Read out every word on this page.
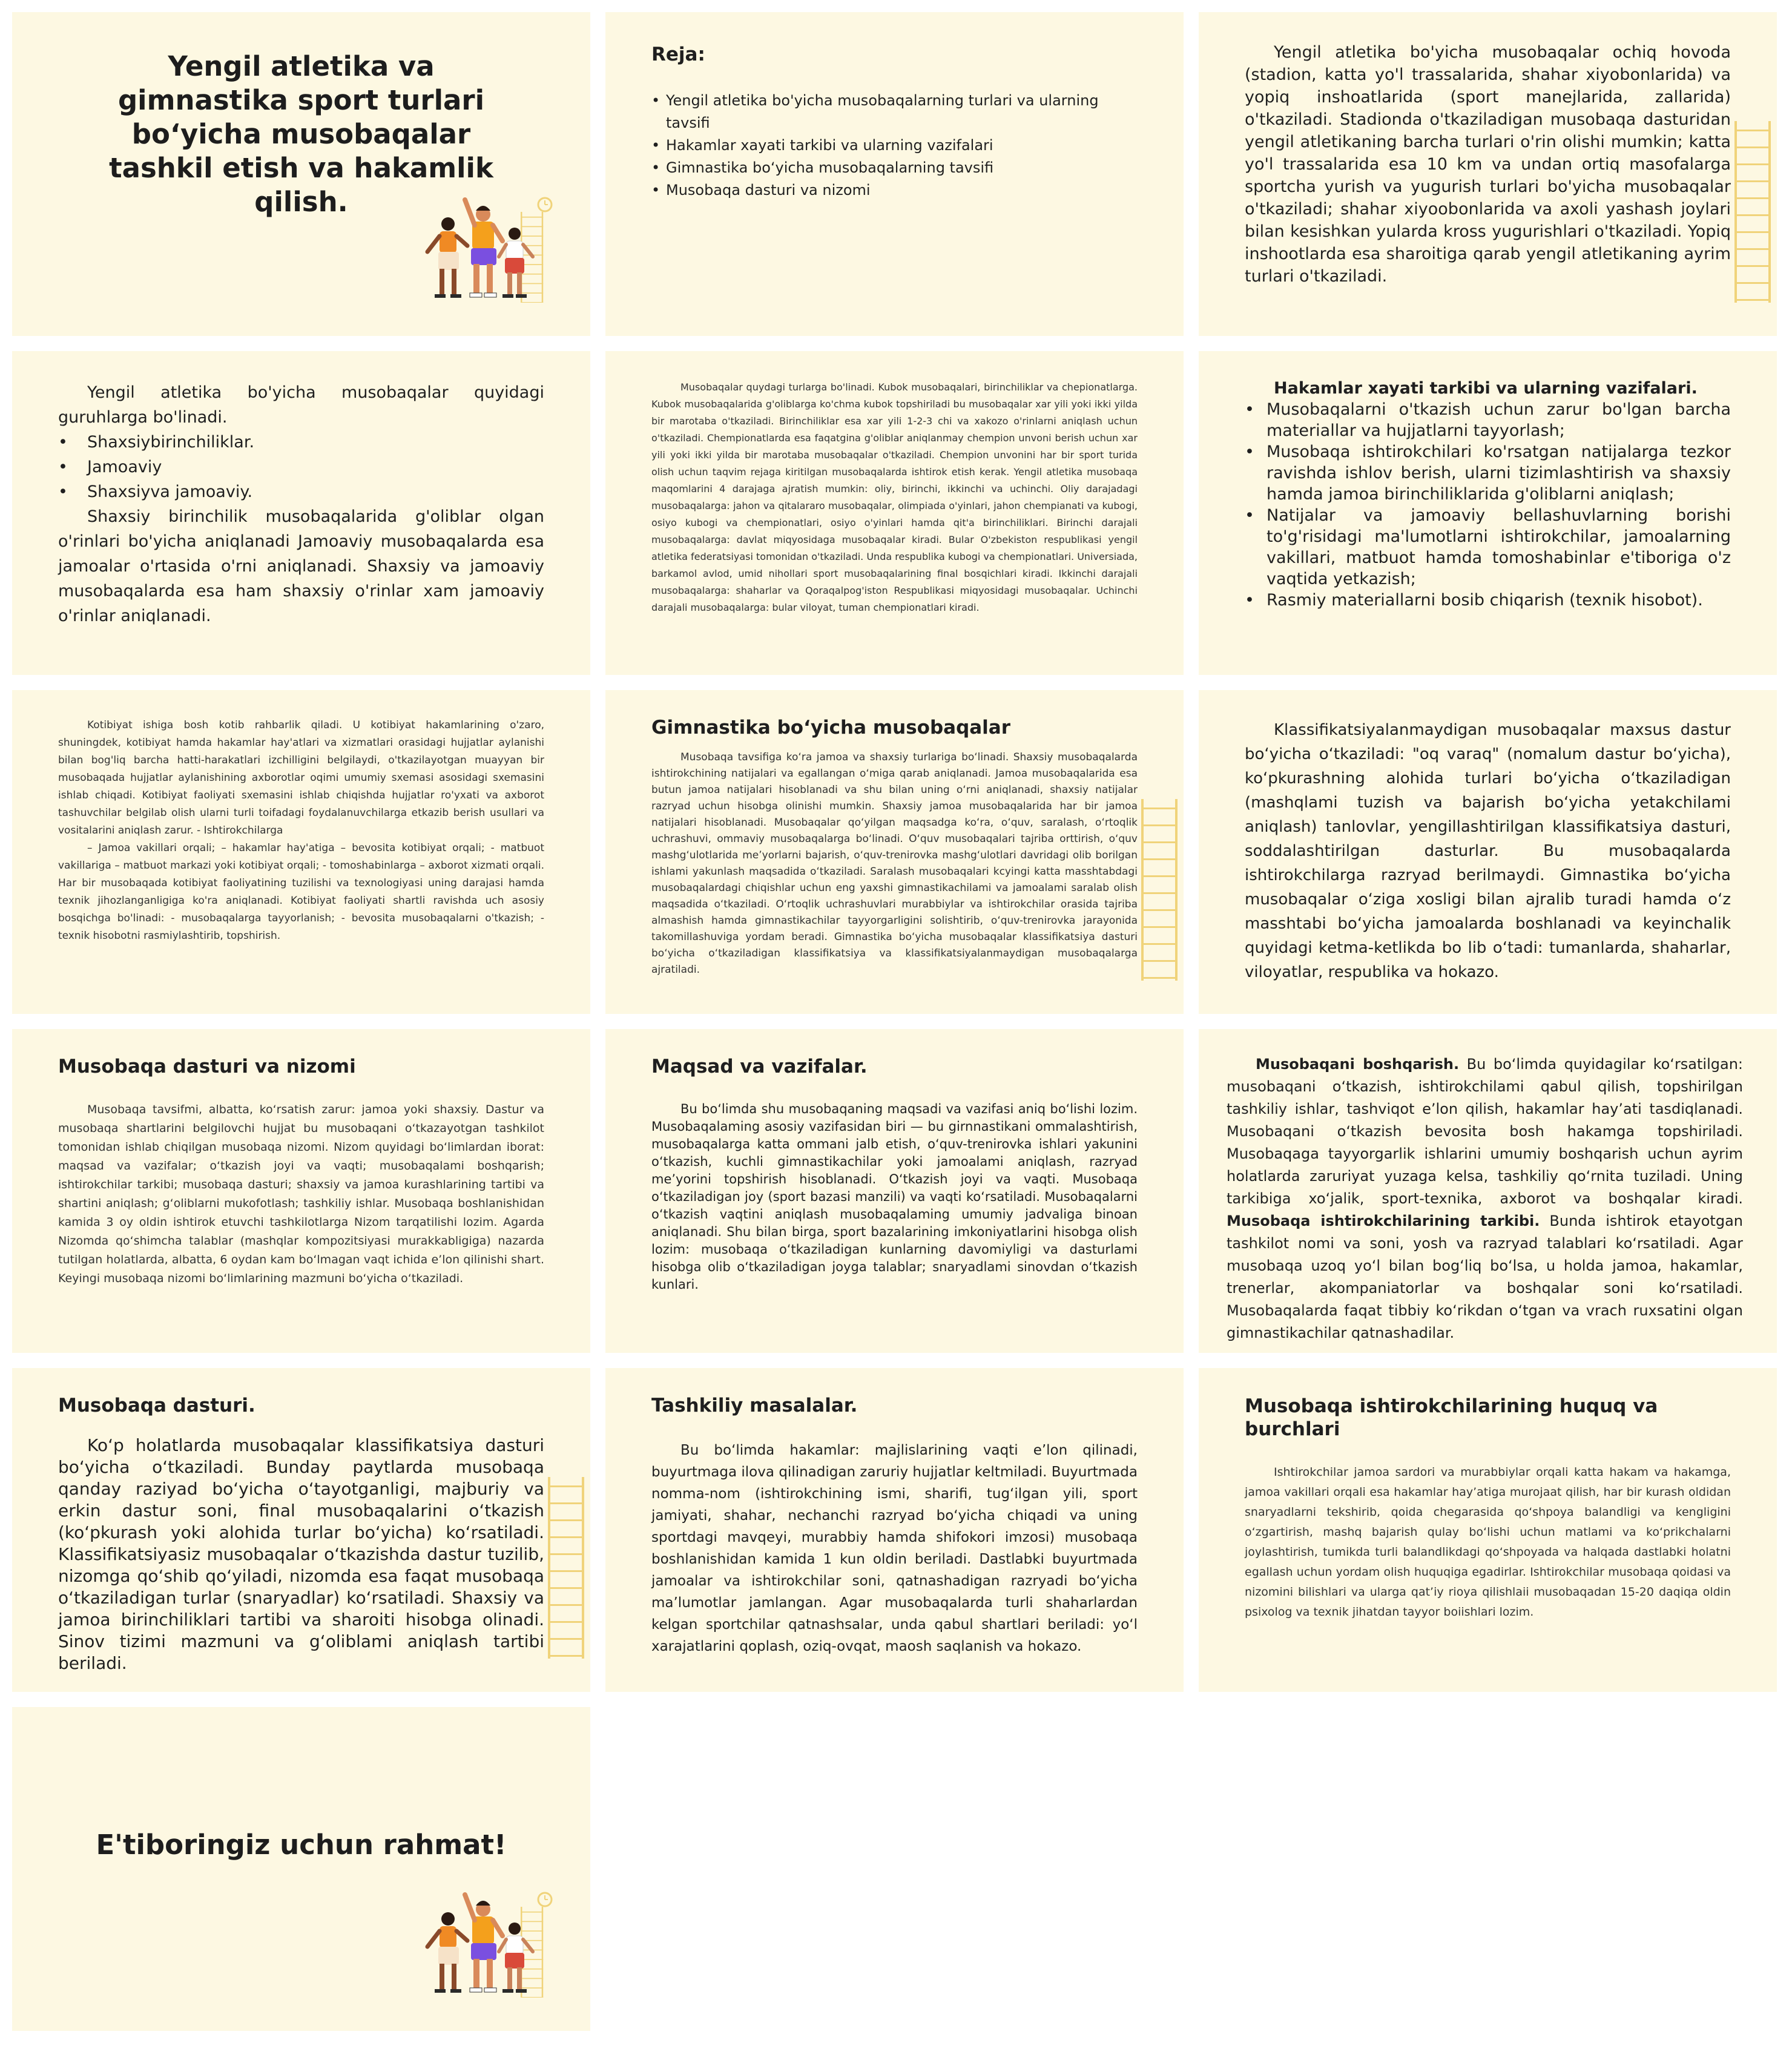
Yengil atletika va gimnastika sport turlari bo‘yicha musobaqalar tashkil etish va hakamlik qilish.
Reja:
• Yengil atletika bo'yicha musobaqalarning turlari va ularning tavsifi
• Hakamlar xayati tarkibi va ularning vazifalari
• Gimnastika bo‘yicha musobaqalarning tavsifi
• Musobaqa dasturi va nizomi

Yengil atletika bo'yicha musobaqalar ochiq hovoda (stadion, katta yo'l trassalarida, shahar xiyobonlarida) va yopiq inshoatlarida (sport manejlarida, zallarida) o'tkaziladi. Stadionda o'tkaziladigan musobaqa dasturidan yengil atletikaning barcha turlari o'rin olishi mumkin; katta yo'l trassalarida esa 10 km va undan ortiq masofalarga sportcha yurish va yugurish turlari bo'yicha musobaqalar o'tkaziladi; shahar xiyoobonlarida va axoli yashash joylari bilan kesishkan yularda kross yugurishlari o'tkaziladi. Yopiq inshootlarda esa sharoitiga qarab yengil atletikaning ayrim turlari o'tkaziladi.

Yengil atletika bo'yicha musobaqalar quyidagi guruhlarga bo'linadi.

• Shaxsiybirinchiliklar.
• Jamoaviy
• Shaxsiyva jamoaviy.

Shaxsiy birinchilik musobaqalarida g'oliblar olgan o'rinlari bo'yicha aniqlanadi Jamoaviy musobaqalarda esa jamoalar o'rtasida o'rni aniqlanadi. Shaxsiy va jamoaviy musobaqalarda esa ham shaxsiy o'rinlar xam jamoaviy o'rinlar aniqlanadi.

Musobaqalar quydagi turlarga bo'linadi. Kubok musobaqalari, birinchiliklar va chepionatlarga. Kubok musobaqalarida g'oliblarga ko'chma kubok topshiriladi bu musobaqalar xar yili yoki ikki yilda bir marotaba o'tkaziladi. Birinchiliklar esa xar yili 1-2-3 chi va xakozo o'rinlarni aniqlash uchun o'tkaziladi. Chempionatlarda esa faqatgina g'oliblar aniqlanmay chempion unvoni berish uchun xar yili yoki ikki yilda bir marotaba musobaqalar o'tkaziladi. Chempion unvonini har bir sport turida olish uchun taqvim rejaga kiritilgan musobaqalarda ishtirok etish kerak. Yengil atletika musobaqa maqomlarini 4 darajaga ajratish mumkin: oliy, birinchi, ikkinchi va uchinchi. Oliy darajadagi musobaqalarga: jahon va qitalararo musobaqalar, olimpiada o'yinlari, jahon chempianati va kubogi, osiyo kubogi va chempionatlari, osiyo o'yinlari hamda qit'a birinchiliklari. Birinchi darajali musobaqalarga: davlat miqyosidaga musobaqalar kiradi. Bular O'zbekiston respublikasi yengil atletika federatsiyasi tomonidan o'tkaziladi. Unda respublika kubogi va chempionatlari. Universiada, barkamol avlod, umid nihollari sport musobaqalarining final bosqichlari kiradi. Ikkinchi darajali musobaqalarga: shaharlar va Qoraqalpog'iston Respublikasi miqyosidagi musobaqalar. Uchinchi darajali musobaqalarga: bular viloyat, tuman chempionatlari kiradi.

Hakamlar xayati tarkibi va ularning vazifalari.

• Musobaqalarni o'tkazish uchun zarur bo'lgan barcha materiallar va hujjatlarni tayyorlash;
• Musobaqa ishtirokchilari ko'rsatgan natijalarga tezkor ravishda ishlov berish, ularni tizimlashtirish va shaxsiy hamda jamoa birinchiliklarida g'oliblarni aniqlash;
• Natijalar va jamoaviy bellashuvlarning borishi to'g'risidagi ma'lumotlarni ishtirokchilar, jamoalarning vakillari, matbuot hamda tomoshabinlar e'tiboriga o'z vaqtida yetkazish;
• Rasmiy materiallarni bosib chiqarish (texnik hisobot).

Kotibiyat ishiga bosh kotib rahbarlik qiladi. U kotibiyat hakamlarining o'zaro, shuningdek, kotibiyat hamda hakamlar hay'atlari va xizmatlari orasidagi hujjatlar aylanishi bilan bog'liq barcha hatti-harakatlari izchilligini belgilaydi, o'tkazilayotgan muayyan bir musobaqada hujjatlar aylanishining axborotlar oqimi umumiy sxemasi asosidagi sxemasini ishlab chiqadi. Kotibiyat faoliyati sxemasini ishlab chiqishda hujjatlar ro'yxati va axborot tashuvchilar belgilab olish ularni turli toifadagi foydalanuvchilarga etkazib berish usullari va vositalarini aniqlash zarur. - Ishtirokchilarga

– Jamoa vakillari orqali; – hakamlar hay'atiga – bevosita kotibiyat orqali; - matbuot vakillariga – matbuot markazi yoki kotibiyat orqali; - tomoshabinlarga – axborot xizmati orqali. Har bir musobaqada kotibiyat faoliyatining tuzilishi va texnologiyasi uning darajasi hamda texnik jihozlanganligiga ko'ra aniqlanadi. Kotibiyat faoliyati shartli ravishda uch asosiy bosqichga bo'linadi: - musobaqalarga tayyorlanish; - bevosita musobaqalarni o'tkazish; - texnik hisobotni rasmiylashtirib, topshirish.

Gimnastika bo‘yicha musobaqalar

Musobaqa tavsifiga ko‘ra jamoa va shaxsiy turlariga bo‘linadi. Shaxsiy musobaqalarda ishtirokchining natijalari va egallangan o‘miga qarab aniqlanadi. Jamoa musobaqalarida esa butun jamoa natijalari hisoblanadi va shu bilan uning o‘rni aniqlanadi, shaxsiy natijalar razryad uchun hisobga olinishi mumkin. Shaxsiy jamoa musobaqalarida har bir jamoa natijalari hisoblanadi. Musobaqalar qo‘yilgan maqsadga ko‘ra, o‘quv, saralash, o‘rtoqlik uchrashuvi, ommaviy musobaqalarga bo‘linadi. O‘quv musobaqalari tajriba orttirish, o‘quv mashg‘ulotlarida me’yorlarni bajarish, o‘quv-trenirovka mashg‘ulotlari davridagi olib borilgan ishlami yakunlash maqsadida o‘tkaziladi. Saralash musobaqalari kcyingi katta masshtabdagi musobaqalardagi chiqishlar uchun eng yaxshi gimnastikachilami va jamoalami saralab olish maqsadida o‘tkaziladi. O‘rtoqlik uchrashuvlari murabbiylar va ishtirokchilar orasida tajriba almashish hamda gimnastikachilar tayyorgarligini solishtirib, o‘quv-trenirovka jarayonida takomillashuviga yordam beradi. Gimnastika bo‘yicha musobaqalar klassifikatsiya dasturi bo‘yicha o‘tkaziladigan klassifikatsiya va klassifikatsiyalanmaydigan musobaqalarga ajratiladi.

Klassifikatsiyalanmaydigan musobaqalar maxsus dastur bo‘yicha o‘tkaziladi: "oq varaq" (nomalum dastur bo‘yicha), ko‘pkurashning alohida turlari bo‘yicha o‘tkaziladigan (mashqlami tuzish va bajarish bo‘yicha yetakchilami aniqlash) tanlovlar, yengillashtirilgan klassifikatsiya dasturi, soddalashtirilgan dasturlar. Bu musobaqalarda ishtirokchilarga razryad berilmaydi. Gimnastika bo‘yicha musobaqalar o‘ziga xosligi bilan ajralib turadi hamda o‘z masshtabi bo‘yicha jamoalarda boshlanadi va keyinchalik quyidagi ketma-ketlikda bo lib o‘tadi: tumanlarda, shaharlar, viloyatlar, respublika va hokazo.

Musobaqa dasturi va nizomi

Musobaqa tavsifmi, albatta, ko‘rsatish zarur: jamoa yoki shaxsiy. Dastur va musobaqa shartlarini belgilovchi hujjat bu musobaqani o‘tkazayotgan tashkilot tomonidan ishlab chiqilgan musobaqa nizomi. Nizom quyidagi bo‘limlardan iborat: maqsad va vazifalar; o‘tkazish joyi va vaqti; musobaqalami boshqarish; ishtirokchilar tarkibi; musobaqa dasturi; shaxsiy va jamoa kurashlarining tartibi va shartini aniqlash; g‘oliblarni mukofotlash; tashkiliy ishlar. Musobaqa boshlanishidan kamida 3 oy oldin ishtirok etuvchi tashkilotlarga Nizom tarqatilishi lozim. Agarda Nizomda qo‘shimcha talablar (mashqlar kompozitsiyasi murakkabligiga) nazarda tutilgan holatlarda, albatta, 6 oydan kam bo‘lmagan vaqt ichida e’lon qilinishi shart. Keyingi musobaqa nizomi bo‘limlarining mazmuni bo‘yicha o‘tkaziladi.

Maqsad va vazifalar.

Bu bo‘limda shu musobaqaning maqsadi va vazifasi aniq bo‘lishi lozim. Musobaqalaming asosiy vazifasidan biri — bu girnnastikani ommalashtirish, musobaqalarga katta ommani jalb etish, o‘quv-trenirovka ishlari yakunini o‘tkazish, kuchli gimnastikachilar yoki jamoalami aniqlash, razryad me’yorini topshirish hisoblanadi. O‘tkazish joyi va vaqti. Musobaqa o‘tkaziladigan joy (sport bazasi manzili) va vaqti ko‘rsatiladi. Musobaqalarni o‘tkazish vaqtini aniqlash musobaqalaming umumiy jadvaliga binoan aniqlanadi. Shu bilan birga, sport bazalarining imkoniyatlarini hisobga olish lozim: musobaqa o‘tkaziladigan kunlarning davomiyligi va dasturlami hisobga olib o‘tkaziladigan joyga talablar; snaryadlami sinovdan o‘tkazish kunlari.

Musobaqani boshqarish. Bu bo‘limda quyidagilar ko‘rsatilgan: musobaqani o‘tkazish, ishtirokchilami qabul qilish, topshirilgan tashkiliy ishlar, tashviqot e’lon qilish, hakamlar hay’ati tasdiqlanadi. Musobaqani o‘tkazish bevosita bosh hakamga topshiriladi. Musobaqaga tayyorgarlik ishlarini umumiy boshqarish uchun ayrim holatlarda zaruriyat yuzaga kelsa, tashkiliy qo‘rnita tuziladi. Uning tarkibiga xo‘jalik, sport-texnika, axborot va boshqalar kiradi. Musobaqa ishtirokchilarining tarkibi. Bunda ishtirok etayotgan tashkilot nomi va soni, yosh va razryad talablari ko‘rsatiladi. Agar musobaqa uzoq yo‘l bilan bog‘liq bo‘lsa, u holda jamoa, hakamlar, trenerlar, akompaniatorlar va boshqalar soni ko‘rsatiladi. Musobaqalarda faqat tibbiy ko‘rikdan o‘tgan va vrach ruxsatini olgan gimnastikachilar qatnashadilar.

Musobaqa dasturi.

Ko‘p holatlarda musobaqalar klassifikatsiya dasturi bo‘yicha o‘tkaziladi. Bunday paytlarda musobaqa qanday raziyad bo‘yicha o‘tayotganligi, majburiy va erkin dastur soni, final musobaqalarini o‘tkazish (ko‘pkurash yoki alohida turlar bo‘yicha) ko‘rsatiladi. Klassifikatsiyasiz musobaqalar o‘tkazishda dastur tuzilib, nizomga qo‘shib qo‘yiladi, nizomda esa faqat musobaqa o‘tkaziladigan turlar (snaryadlar) ko‘rsatiladi. Shaxsiy va jamoa birinchiliklari tartibi va sharoiti hisobga olinadi. Sinov tizimi mazmuni va g‘oliblami aniqlash tartibi beriladi.

Tashkiliy masalalar.

Bu bo‘limda hakamlar: majlislarining vaqti e’lon qilinadi, buyurtmaga ilova qilinadigan zaruriy hujjatlar keltmiladi. Buyurtmada nomma-nom (ishtirokchining ismi, sharifi, tug‘ilgan yili, sport jamiyati, shahar, nechanchi razryad bo‘yicha chiqadi va uning sportdagi mavqeyi, murabbiy hamda shifokori imzosi) musobaqa boshlanishidan kamida 1 kun oldin beriladi. Dastlabki buyurtmada jamoalar va ishtirokchilar soni, qatnashadigan razryadi bo‘yicha ma’lumotlar jamlangan. Agar musobaqalarda turli shaharlardan kelgan sportchilar qatnashsalar, unda qabul shartlari beriladi: yo‘l xarajatlarini qoplash, oziq-ovqat, maosh saqlanish va hokazo.

Musobaqa ishtirokchilarining huquq va burchlari

Ishtirokchilar jamoa sardori va murabbiylar orqali katta hakam va hakamga, jamoa vakillari orqali esa hakamlar hay’atiga murojaat qilish, har bir kurash oldidan snaryadlarni tekshirib, qoida chegarasida qo‘shpoya balandligi va kengligini o‘zgartirish, mashq bajarish qulay bo‘lishi uchun matlami va ko‘prikchalarni joylashtirish, tumikda turli balandlikdagi qo‘shpoyada va halqada dastlabki holatni egallash uchun yordam olish huquqiga egadirlar. Ishtirokchilar musobaqa qoidasi va nizomini bilishlari va ularga qat’iy rioya qilishlaii musobaqadan 15-20 daqiqa oldin psixolog va texnik jihatdan tayyor boiishlari lozim.

E'tiboringiz uchun rahmat!
